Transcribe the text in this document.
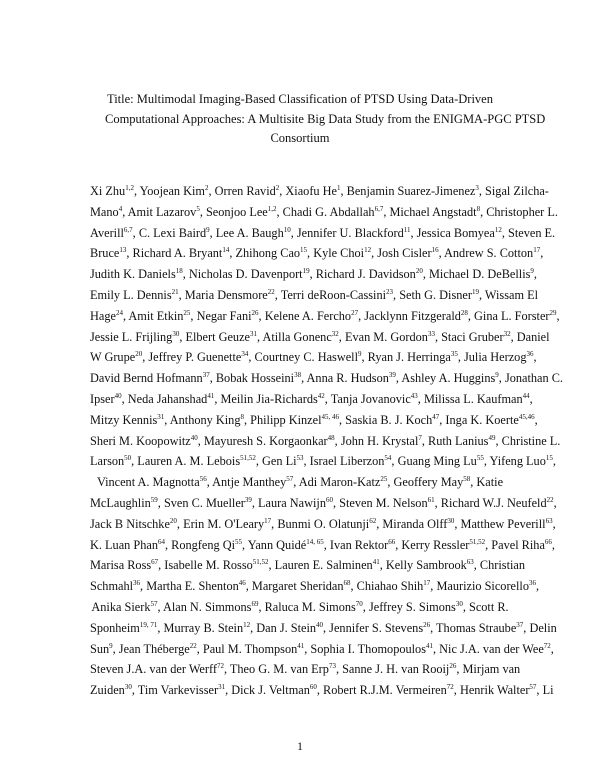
Title: Multimodal Imaging-Based Classification of PTSD Using Data-Driven
Computational Approaches: A Multisite Big Data Study from the ENIGMA-PGC PTSD
Consortium
Xi Zhu$^{1,2}$, Yoojean Kim$^2$, Orren Ravid$^2$, Xiaofu He$^1$, Benjamin Suarez-Jimenez$^3$, Sigal Zilcha-
Mano$^4$, Amit Lazarov$^5$, Seonjoo Lee$^{1,2}$, Chadi G. Abdallah$^{6,7}$, Michael Angstadt$^8$, Christopher L.
Averill$^{6,7}$, C. Lexi Baird$^9$, Lee A. Baugh$^{10}$, Jennifer U. Blackford$^{11}$, Jessica Bomyea$^{12}$, Steven E.
Bruce$^{13}$, Richard A. Bryant$^{14}$, Zhihong Cao$^{15}$, Kyle Choi$^{12}$, Josh Cisler$^{16}$, Andrew S. Cotton$^{17}$,
Judith K. Daniels$^{18}$, Nicholas D. Davenport$^{19}$, Richard J. Davidson$^{20}$, Michael D. DeBellis$^9$,
Emily L. Dennis$^{21}$, Maria Densmore$^{22}$, Terri deRoon-Cassini$^{23}$, Seth G. Disner$^{19}$, Wissam El
Hage$^{24}$, Amit Etkin$^{25}$, Negar Fani$^{26}$, Kelene A. Fercho$^{27}$, Jacklynn Fitzgerald$^{28}$, Gina L. Forster$^{29}$,
Jessie L. Frijling$^{30}$, Elbert Geuze$^{31}$, Atilla Gonenc$^{32}$, Evan M. Gordon$^{33}$, Staci Gruber$^{32}$, Daniel
W Grupe$^{20}$, Jeffrey P. Guenette$^{34}$, Courtney C. Haswell$^9$, Ryan J. Herringa$^{35}$, Julia Herzog$^{36}$,
David Bernd Hofmann$^{37}$, Bobak Hosseini$^{38}$, Anna R. Hudson$^{39}$, Ashley A. Huggins$^9$, Jonathan C.
Ipser$^{40}$, Neda Jahanshad$^{41}$, Meilin Jia-Richards$^{42}$, Tanja Jovanovic$^{43}$, Milissa L. Kaufman$^{44}$,
Mitzy Kennis$^{31}$, Anthony King$^8$, Philipp Kinzel$^{45, 46}$, Saskia B. J. Koch$^{47}$, Inga K. Koerte$^{45,46}$,
Sheri M. Koopowitz$^{40}$, Mayuresh S. Korgaonkar$^{48}$, John H. Krystal$^7$, Ruth Lanius$^{49}$, Christine L.
Larson$^{50}$, Lauren A. M. Lebois$^{51,52}$, Gen Li$^{53}$, Israel Liberzon$^{54}$, Guang Ming Lu$^{55}$, Yifeng Luo$^{15}$,
Vincent A. Magnotta$^{56}$, Antje Manthey$^{57}$, Adi Maron-Katz$^{25}$, Geoffery May$^{58}$, Katie
McLaughlin$^{59}$, Sven C. Mueller$^{39}$, Laura Nawijn$^{60}$, Steven M. Nelson$^{61}$, Richard W.J. Neufeld$^{22}$,
Jack B Nitschke$^{20}$, Erin M. O'Leary$^{17}$, Bunmi O. Olatunji$^{62}$, Miranda Olff$^{30}$, Matthew Peverill$^{63}$,
K. Luan Phan$^{64}$, Rongfeng Qi$^{55}$, Yann Quidé$^{14, 65}$, Ivan Rektor$^{66}$, Kerry Ressler$^{51,52}$, Pavel Riha$^{66}$,
Marisa Ross$^{67}$, Isabelle M. Rosso$^{51,52}$, Lauren E. Salminen$^{41}$, Kelly Sambrook$^{63}$, Christian
Schmahl$^{36}$, Martha E. Shenton$^{46}$, Margaret Sheridan$^{68}$, Chiahao Shih$^{17}$, Maurizio Sicorello$^{36}$,
Anika Sierk$^{57}$, Alan N. Simmons$^{69}$, Raluca M. Simons$^{70}$, Jeffrey S. Simons$^{30}$, Scott R.
Sponheim$^{19, 71}$, Murray B. Stein$^{12}$, Dan J. Stein$^{40}$, Jennifer S. Stevens$^{26}$, Thomas Straube$^{37}$, Delin
Sun$^9$, Jean Théberge$^{22}$, Paul M. Thompson$^{41}$, Sophia I. Thomopoulos$^{41}$, Nic J.A. van der Wee$^{72}$,
Steven J.A. van der Werff$^{72}$, Theo G. M. van Erp$^{73}$, Sanne J. H. van Rooij$^{26}$, Mirjam van
Zuiden$^{30}$, Tim Varkevisser$^{31}$, Dick J. Veltman$^{60}$, Robert R.J.M. Vermeiren$^{72}$, Henrik Walter$^{57}$, Li
1
